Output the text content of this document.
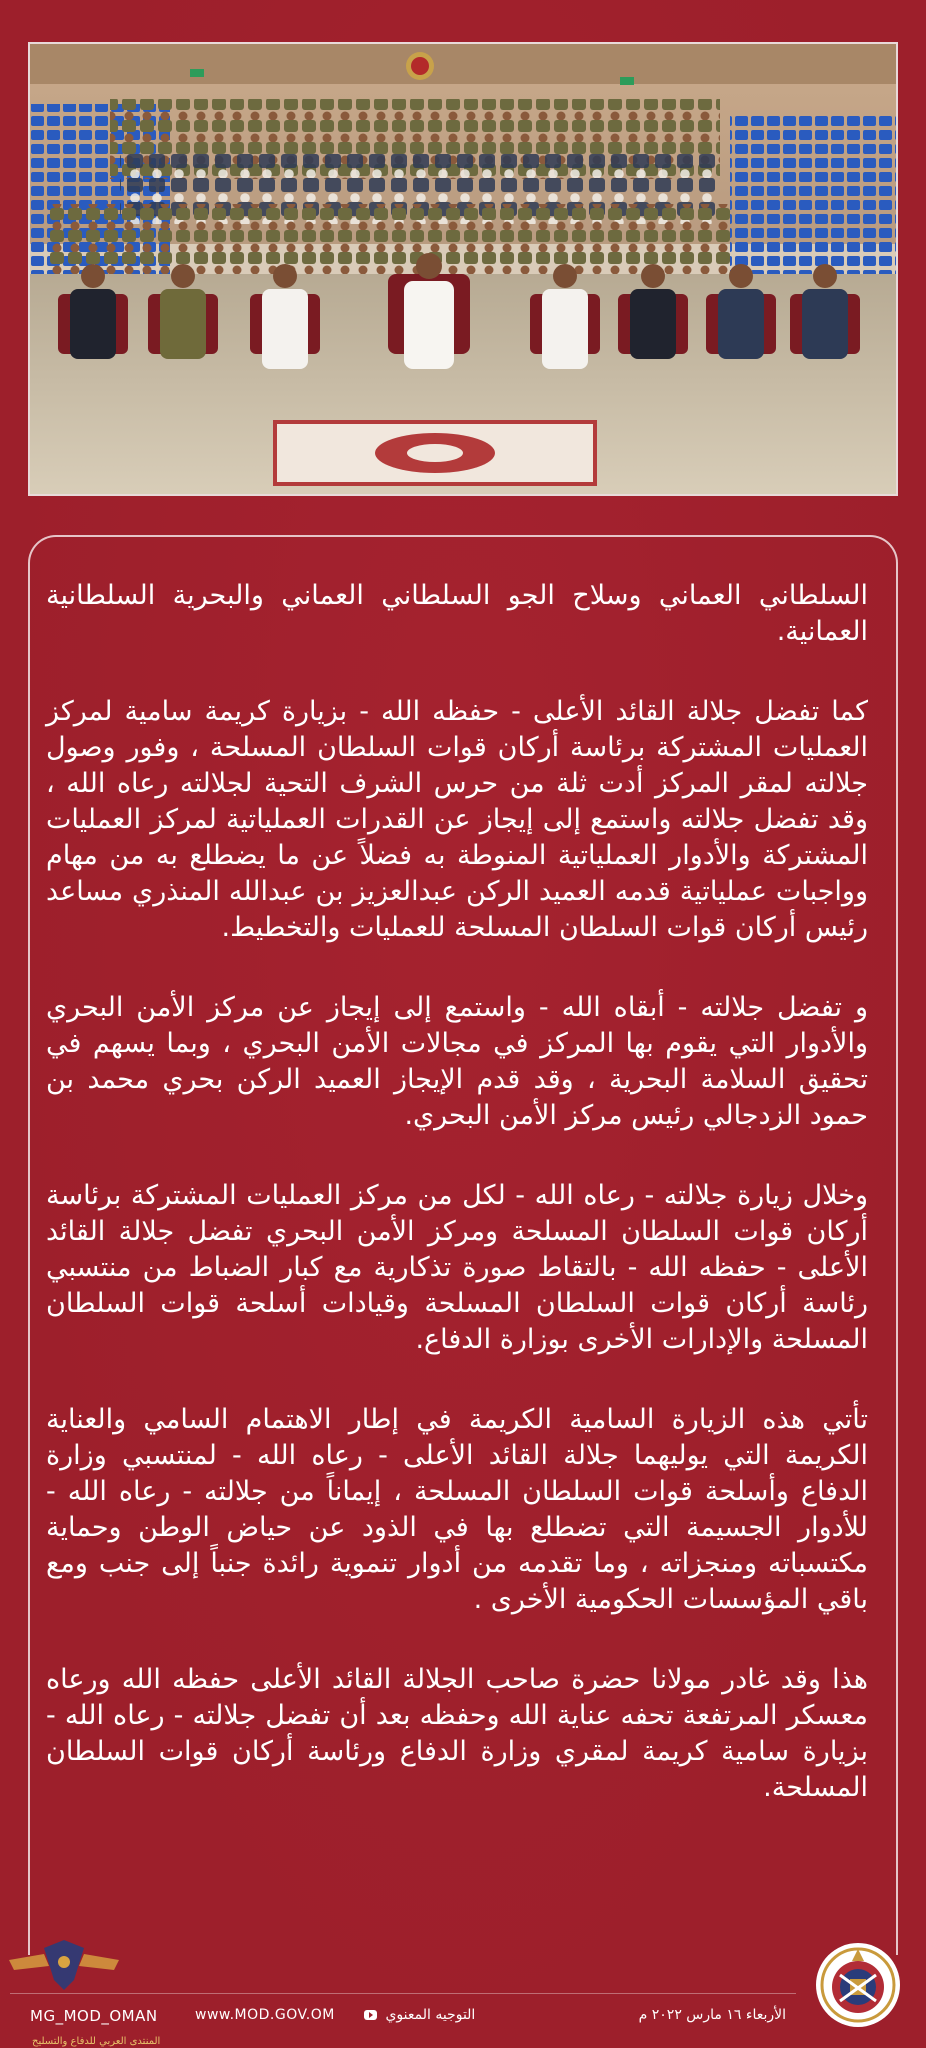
السلطاني العماني وسلاح الجو السلطاني العماني والبحرية السلطانية العمانية.

كما تفضل جلالة القائد الأعلى - حفظه الله - بزيارة كريمة سامية لمركز العمليات المشتركة برئاسة أركان قوات السلطان المسلحة ، وفور وصول جلالته لمقر المركز أدت ثلة من حرس الشرف التحية لجلالته رعاه الله ، وقد تفضل جلالته واستمع إلى إيجاز عن القدرات العملياتية لمركز العمليات المشتركة والأدوار العملياتية المنوطة به فضلاً عن ما يضطلع به من مهام وواجبات عملياتية قدمه العميد الركن عبدالعزيز بن عبدالله المنذري مساعد رئيس أركان قوات السلطان المسلحة للعمليات والتخطيط.

و تفضل جلالته - أبقاه الله - واستمع إلى إيجاز عن مركز الأمن البحري والأدوار التي يقوم بها المركز في مجالات الأمن البحري ، وبما يسهم في تحقيق السلامة البحرية ، وقد قدم الإيجاز العميد الركن بحري محمد بن حمود الزدجالي رئيس مركز الأمن البحري.

وخلال زيارة جلالته - رعاه الله - لكل من مركز العمليات المشتركة برئاسة أركان قوات السلطان المسلحة ومركز الأمن البحري تفضل جلالة القائد الأعلى - حفظه الله - بالتقاط صورة تذكارية مع كبار الضباط من منتسبي رئاسة أركان قوات السلطان المسلحة وقيادات أسلحة قوات السلطان المسلحة والإدارات الأخرى بوزارة الدفاع.

تأتي هذه الزيارة السامية الكريمة في إطار الاهتمام السامي والعناية الكريمة التي يوليهما جلالة القائد الأعلى - رعاه الله - لمنتسبي وزارة الدفاع وأسلحة قوات السلطان المسلحة ، إيماناً من جلالته - رعاه الله - للأدوار الجسيمة التي تضطلع بها في الذود عن حياض الوطن وحماية مكتسباته ومنجزاته ، وما تقدمه من أدوار تنموية رائدة جنباً إلى جنب ومع باقي المؤسسات الحكومية الأخرى .

هذا وقد غادر مولانا حضرة صاحب الجلالة القائد الأعلى حفظه الله ورعاه معسكر المرتفعة تحفه عناية الله وحفظه بعد أن تفضل جلالته - رعاه الله - بزيارة سامية كريمة لمقري وزارة الدفاع ورئاسة أركان قوات السلطان المسلحة.

المنتدى العربي للدفاع والتسليح
الأربعاء ١٦ مارس ٢٠٢٢ م
التوجيه المعنوي
www.MOD.GOV.OM
MG_MOD_OMAN
